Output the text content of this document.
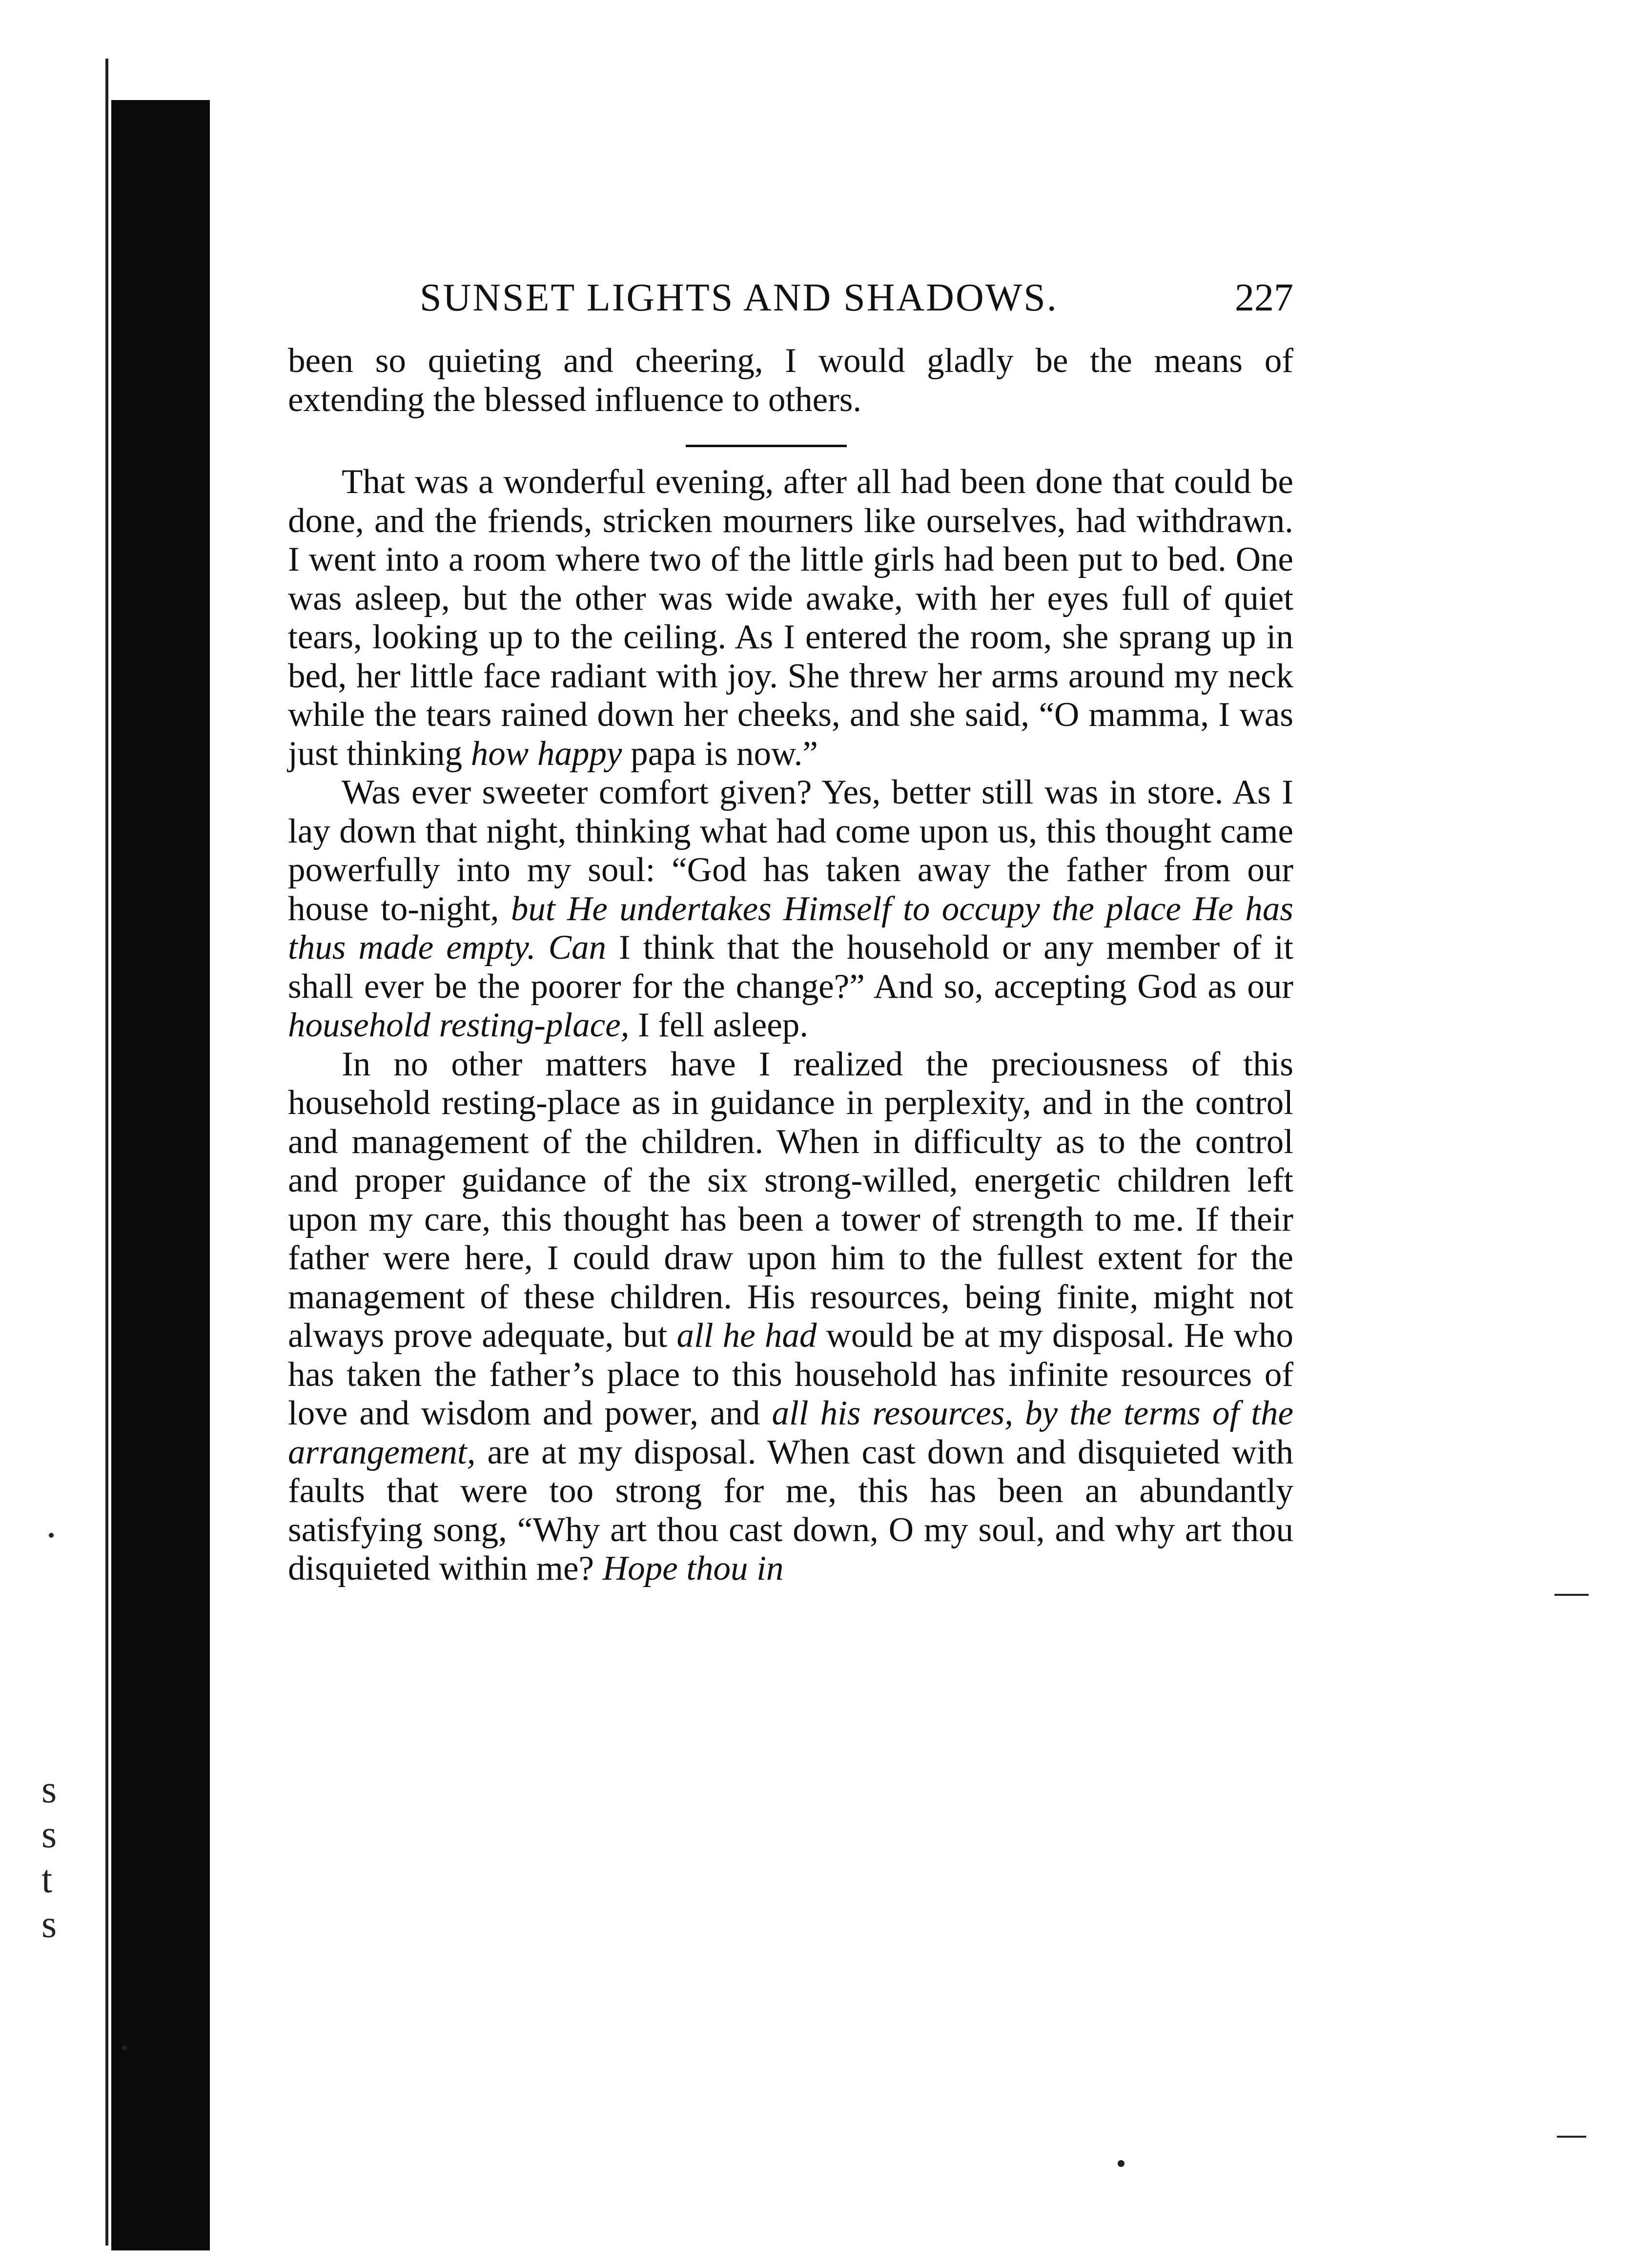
s
s
t
s
SUNSET LIGHTS AND SHADOWS.	227

been so quieting and cheering, I would gladly be the means of extending the blessed influence to others.

That was a wonderful evening, after all had been done that could be done, and the friends, stricken mourners like ourselves, had withdrawn. I went into a room where two of the little girls had been put to bed. One was asleep, but the other was wide awake, with her eyes full of quiet tears, looking up to the ceiling. As I entered the room, she sprang up in bed, her little face radiant with joy. She threw her arms around my neck while the tears rained down her cheeks, and she said, “O mamma, I was just thinking how happy papa is now.”

Was ever sweeter comfort given? Yes, better still was in store. As I lay down that night, thinking what had come upon us, this thought came powerfully into my soul: “God has taken away the father from our house to-night, but He undertakes Himself to occupy the place He has thus made empty. Can I think that the household or any member of it shall ever be the poorer for the change?” And so, accepting God as our household resting-place, I fell asleep.

In no other matters have I realized the preciousness of this household resting-place as in guidance in perplexity, and in the control and management of the children. When in difficulty as to the control and proper guidance of the six strong-willed, energetic children left upon my care, this thought has been a tower of strength to me. If their father were here, I could draw upon him to the fullest extent for the management of these children. His resources, being finite, might not always prove adequate, but all he had would be at my disposal. He who has taken the father’s place to this household has infinite resources of love and wisdom and power, and all his resources, by the terms of the arrangement, are at my disposal. When cast down and disquieted with faults that were too strong for me, this has been an abundantly satisfying song, “Why art thou cast down, O my soul, and why art thou disquieted within me? Hope thou in
